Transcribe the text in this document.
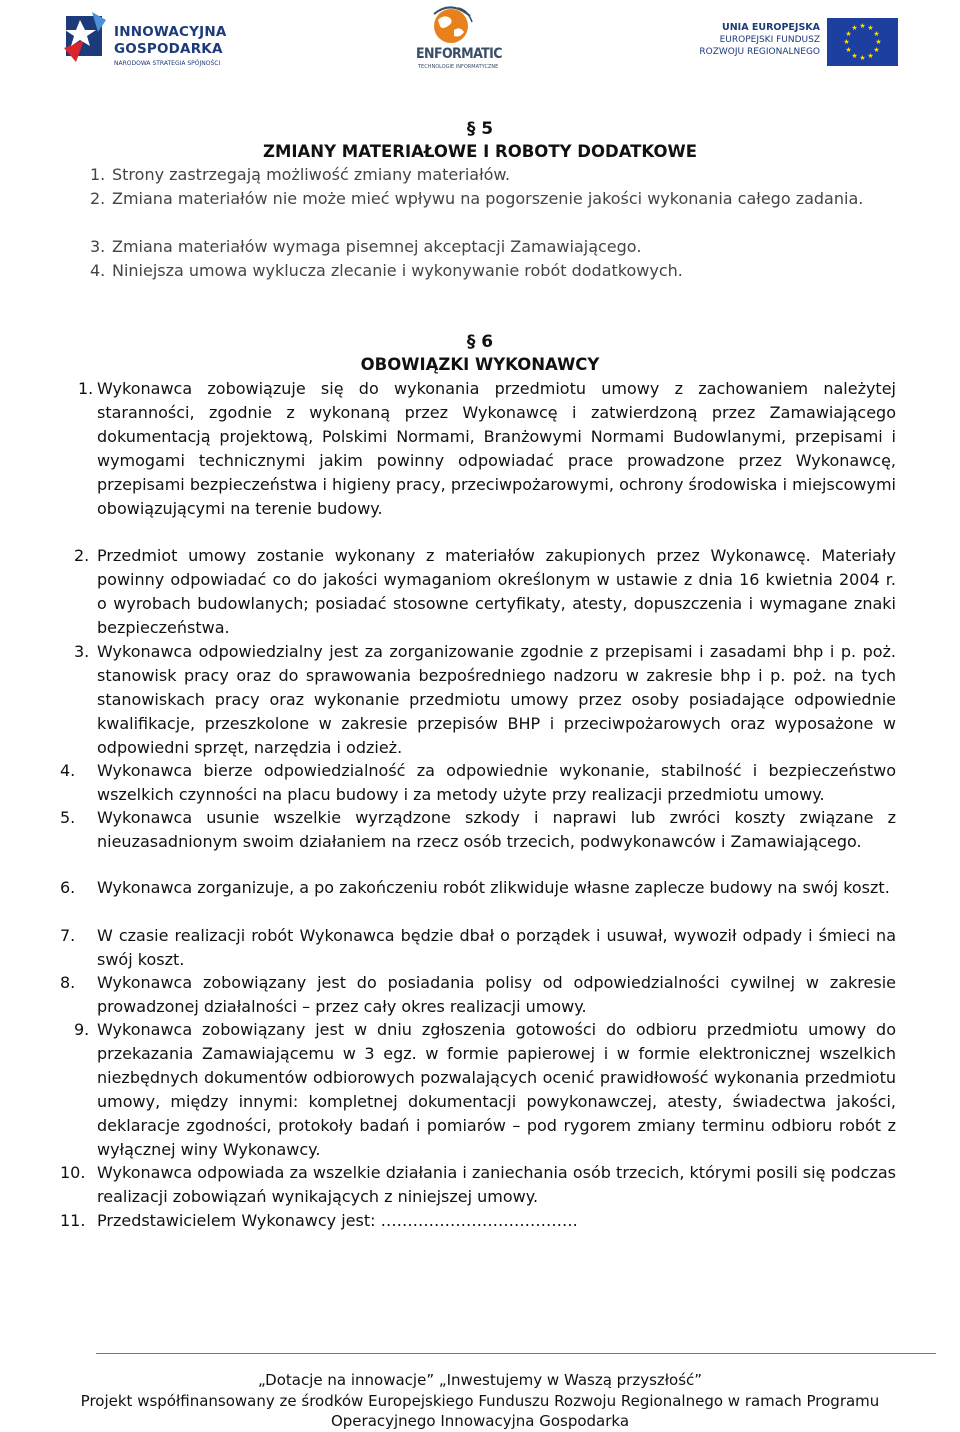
INNOWACYJNA
GOSPODARKA
NARODOWA STRATEGIA SPÓJNOŚCI
ENFORMATIC
TECHNOLOGIE INFORMATYCZNE
UNIA EUROPEJSKA
EUROPEJSKI FUNDUSZ
ROZWOJU REGIONALNEGO
★ ★
★
★
★
★
★
★
★
★
★
★
§ 5
ZMIANY MATERIAŁOWE I ROBOTY DODATKOWE
1. Strony zastrzegają możliwość zmiany materiałów.
2. Zmiana materiałów nie może mieć wpływu na pogorszenie jakości wykonania całego zadania.
3. Zmiana materiałów wymaga pisemnej akceptacji Zamawiającego.
4. Niniejsza umowa wyklucza zlecanie i wykonywanie robót dodatkowych.
§ 6
OBOWIĄZKI WYKONAWCY
1. Wykonawca zobowiązuje się do wykonania przedmiotu umowy z zachowaniem należytej staranności, zgodnie z wykonaną przez Wykonawcę i zatwierdzoną przez Zamawiającego dokumentacją projektową, Polskimi Normami, Branżowymi Normami Budowlanymi, przepisami i wymogami technicznymi jakim powinny odpowiadać prace prowadzone przez Wykonawcę, przepisami bezpieczeństwa i higieny pracy, przeciwpożarowymi, ochrony środowiska i miejscowymi obowiązującymi na terenie budowy.
2. Przedmiot umowy zostanie wykonany z materiałów zakupionych przez Wykonawcę. Materiały powinny odpowiadać co do jakości wymaganiom określonym w ustawie z dnia 16 kwietnia 2004 r. o wyrobach budowlanych; posiadać stosowne certyfikaty, atesty, dopuszczenia i wymagane znaki bezpieczeństwa.
3. Wykonawca odpowiedzialny jest za zorganizowanie zgodnie z przepisami i zasadami bhp i p. poż. stanowisk pracy oraz do sprawowania bezpośredniego nadzoru w zakresie bhp i p. poż. na tych stanowiskach pracy oraz wykonanie przedmiotu umowy przez osoby posiadające odpowiednie kwalifikacje, przeszkolone w zakresie przepisów BHP i przeciwpożarowych oraz wyposażone w odpowiedni sprzęt, narzędzia i odzież.
4.	Wykonawca bierze odpowiedzialność za odpowiednie wykonanie, stabilność i bezpieczeństwo wszelkich czynności na placu budowy i za metody użyte przy realizacji przedmiotu umowy.
5.	Wykonawca usunie wszelkie wyrządzone szkody i naprawi lub zwróci koszty związane z nieuzasadnionym swoim działaniem na rzecz osób trzecich, podwykonawców i Zamawiającego.
6.	Wykonawca zorganizuje, a po zakończeniu robót zlikwiduje własne zaplecze budowy na swój koszt.
7.	W czasie realizacji robót Wykonawca będzie dbał o porządek i usuwał, wywoził odpady i śmieci na swój koszt.
8.	Wykonawca zobowiązany jest do posiadania polisy od odpowiedzialności cywilnej w zakresie prowadzonej działalności – przez cały okres realizacji umowy.
9. Wykonawca zobowiązany jest w dniu zgłoszenia gotowości do odbioru przedmiotu umowy do przekazania Zamawiającemu w 3 egz. w formie papierowej i w formie elektronicznej wszelkich niezbędnych dokumentów odbiorowych pozwalających ocenić prawidłowość wykonania przedmiotu umowy, między innymi: kompletnej dokumentacji powykonawczej, atesty, świadectwa jakości, deklaracje zgodności, protokoły badań i pomiarów – pod rygorem zmiany terminu odbioru robót z wyłącznej winy Wykonawcy.
10. Wykonawca odpowiada za wszelkie działania i zaniechania osób trzecich, którymi posili się podczas realizacji zobowiązań wynikających z niniejszej umowy.
11. Przedstawicielem Wykonawcy jest: ……………………………….
„Dotacje na innowacje” „Inwestujemy w Waszą przyszłość”
Projekt współfinansowany ze środków Europejskiego Funduszu Rozwoju Regionalnego w ramach Programu
Operacyjnego Innowacyjna Gospodarka
